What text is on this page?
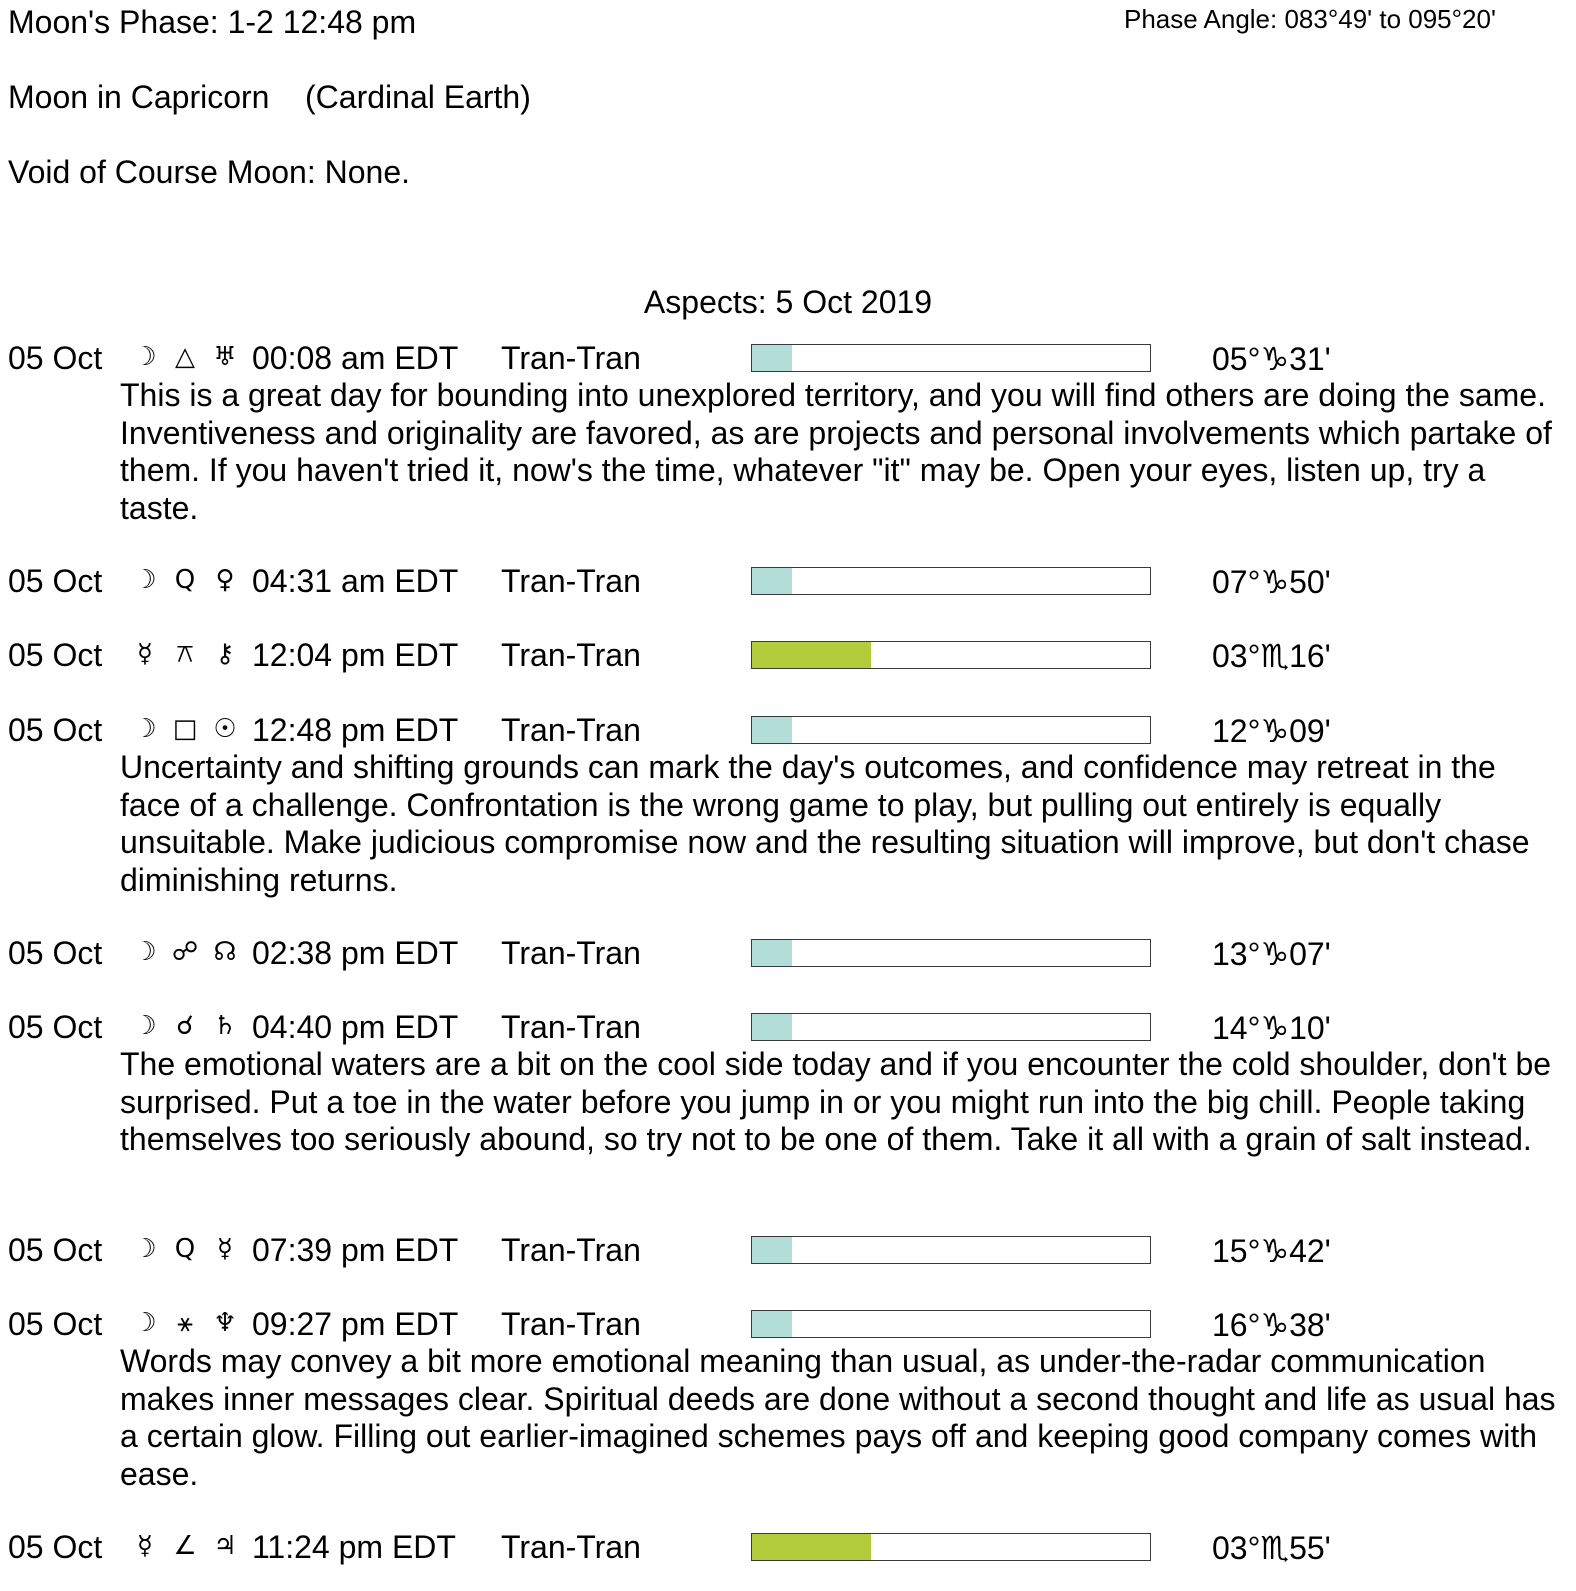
Moon's Phase: 1-2 12:48 pm	Phase Angle: 083°49' to 095°20'
Moon in Capricorn    (Cardinal Earth)
Void of Course Moon: None.
Aspects: 5 Oct 2019
05 Oct ☽ △ ♅ 00:08 am EDT Tran-Tran	05°♑31'
This is a great day for bounding into unexplored territory, and you will find others are doing the same. Inventiveness and originality are favored, as are projects and personal involvements which partake of them. If you haven't tried it, now's the time, whatever "it" may be. Open your eyes, listen up, try a taste.
05 Oct ☽ Q ♀ 04:31 am EDT Tran-Tran	07°♑50'
05 Oct ☿ ⚻ ⚷ 12:04 pm EDT Tran-Tran	03°♏16'
05 Oct ☽ □ ☉ 12:48 pm EDT Tran-Tran	12°♑09'
Uncertainty and shifting grounds can mark the day's outcomes, and confidence may retreat in the face of a challenge. Confrontation is the wrong game to play, but pulling out entirely is equally unsuitable. Make judicious compromise now and the resulting situation will improve, but don't chase diminishing returns.
05 Oct ☽ ☍ ☊ 02:38 pm EDT Tran-Tran	13°♑07'
05 Oct ☽ ☌ ♄ 04:40 pm EDT Tran-Tran	14°♑10'
The emotional waters are a bit on the cool side today and if you encounter the cold shoulder, don't be surprised. Put a toe in the water before you jump in or you might run into the big chill. People taking themselves too seriously abound, so try not to be one of them. Take it all with a grain of salt instead.
05 Oct ☽ Q ☿ 07:39 pm EDT Tran-Tran	15°♑42'
05 Oct ☽ ⚹ ♆ 09:27 pm EDT Tran-Tran	16°♑38'
Words may convey a bit more emotional meaning than usual, as under-the-radar communication makes inner messages clear. Spiritual deeds are done without a second thought and life as usual has a certain glow. Filling out earlier-imagined schemes pays off and keeping good company comes with ease.
05 Oct ☿ ∠ ♃ 11:24 pm EDT Tran-Tran	03°♏55'
